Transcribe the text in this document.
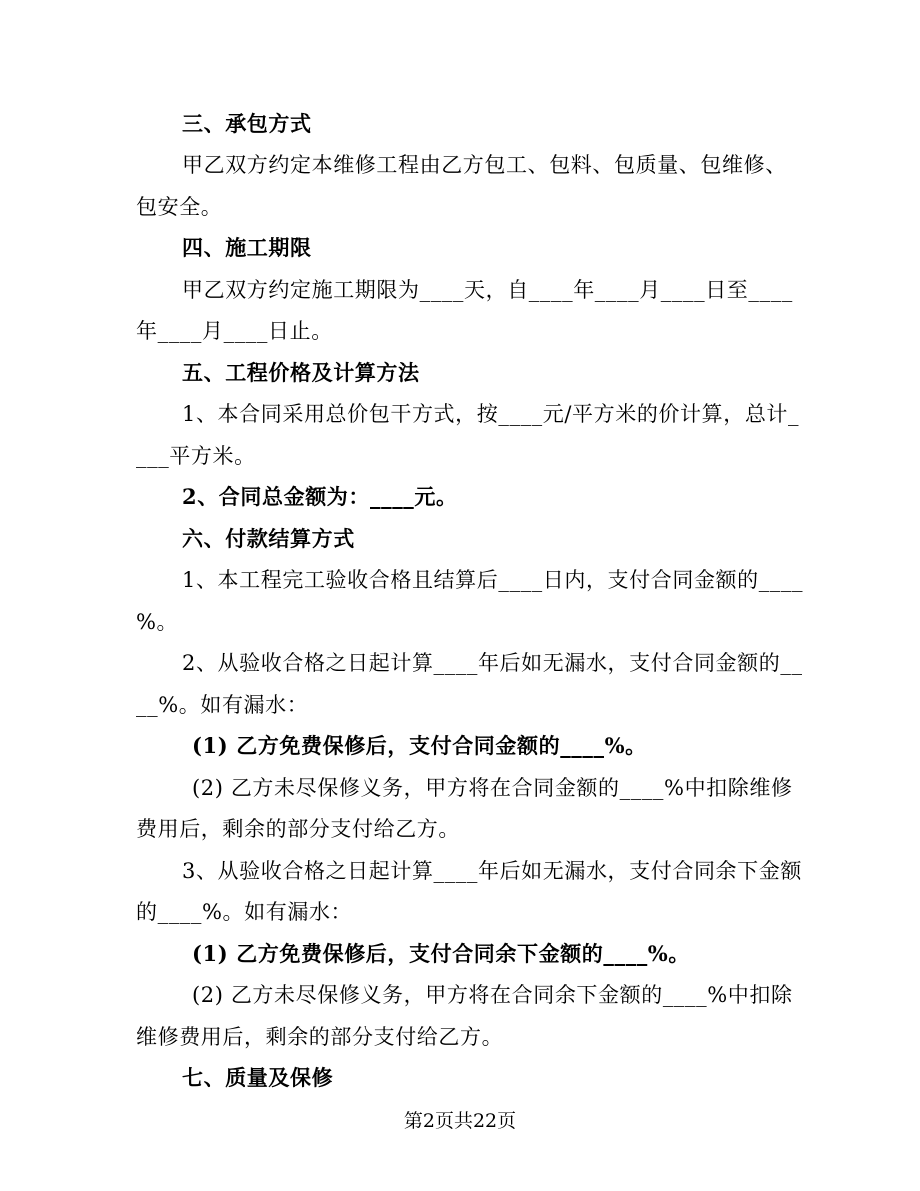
三、承包方式
甲乙双方约定本维修工程由乙方包工、包料、包质量、包维修、
包安全。
四、施工期限
甲乙双方约定施工期限为____天，自____年____月____日至____
年____月____日止。
五、工程价格及计算方法
1、本合同采用总价包干方式，按____元/平方米的价计算，总计_
___平方米。
2、合同总金额为：____元。
六、付款结算方式
1、本工程完工验收合格且结算后____日内，支付合同金额的____
%。
2、从验收合格之日起计算____年后如无漏水，支付合同金额的__
__%。如有漏水：
(1) 乙方免费保修后，支付合同金额的____%。
(2) 乙方未尽保修义务，甲方将在合同金额的____%中扣除维修
费用后，剩余的部分支付给乙方。
3、从验收合格之日起计算____年后如无漏水，支付合同余下金额
的____%。如有漏水：
(1) 乙方免费保修后，支付合同余下金额的____%。
(2) 乙方未尽保修义务，甲方将在合同余下金额的____%中扣除
维修费用后，剩余的部分支付给乙方。
七、质量及保修
第2页共22页
